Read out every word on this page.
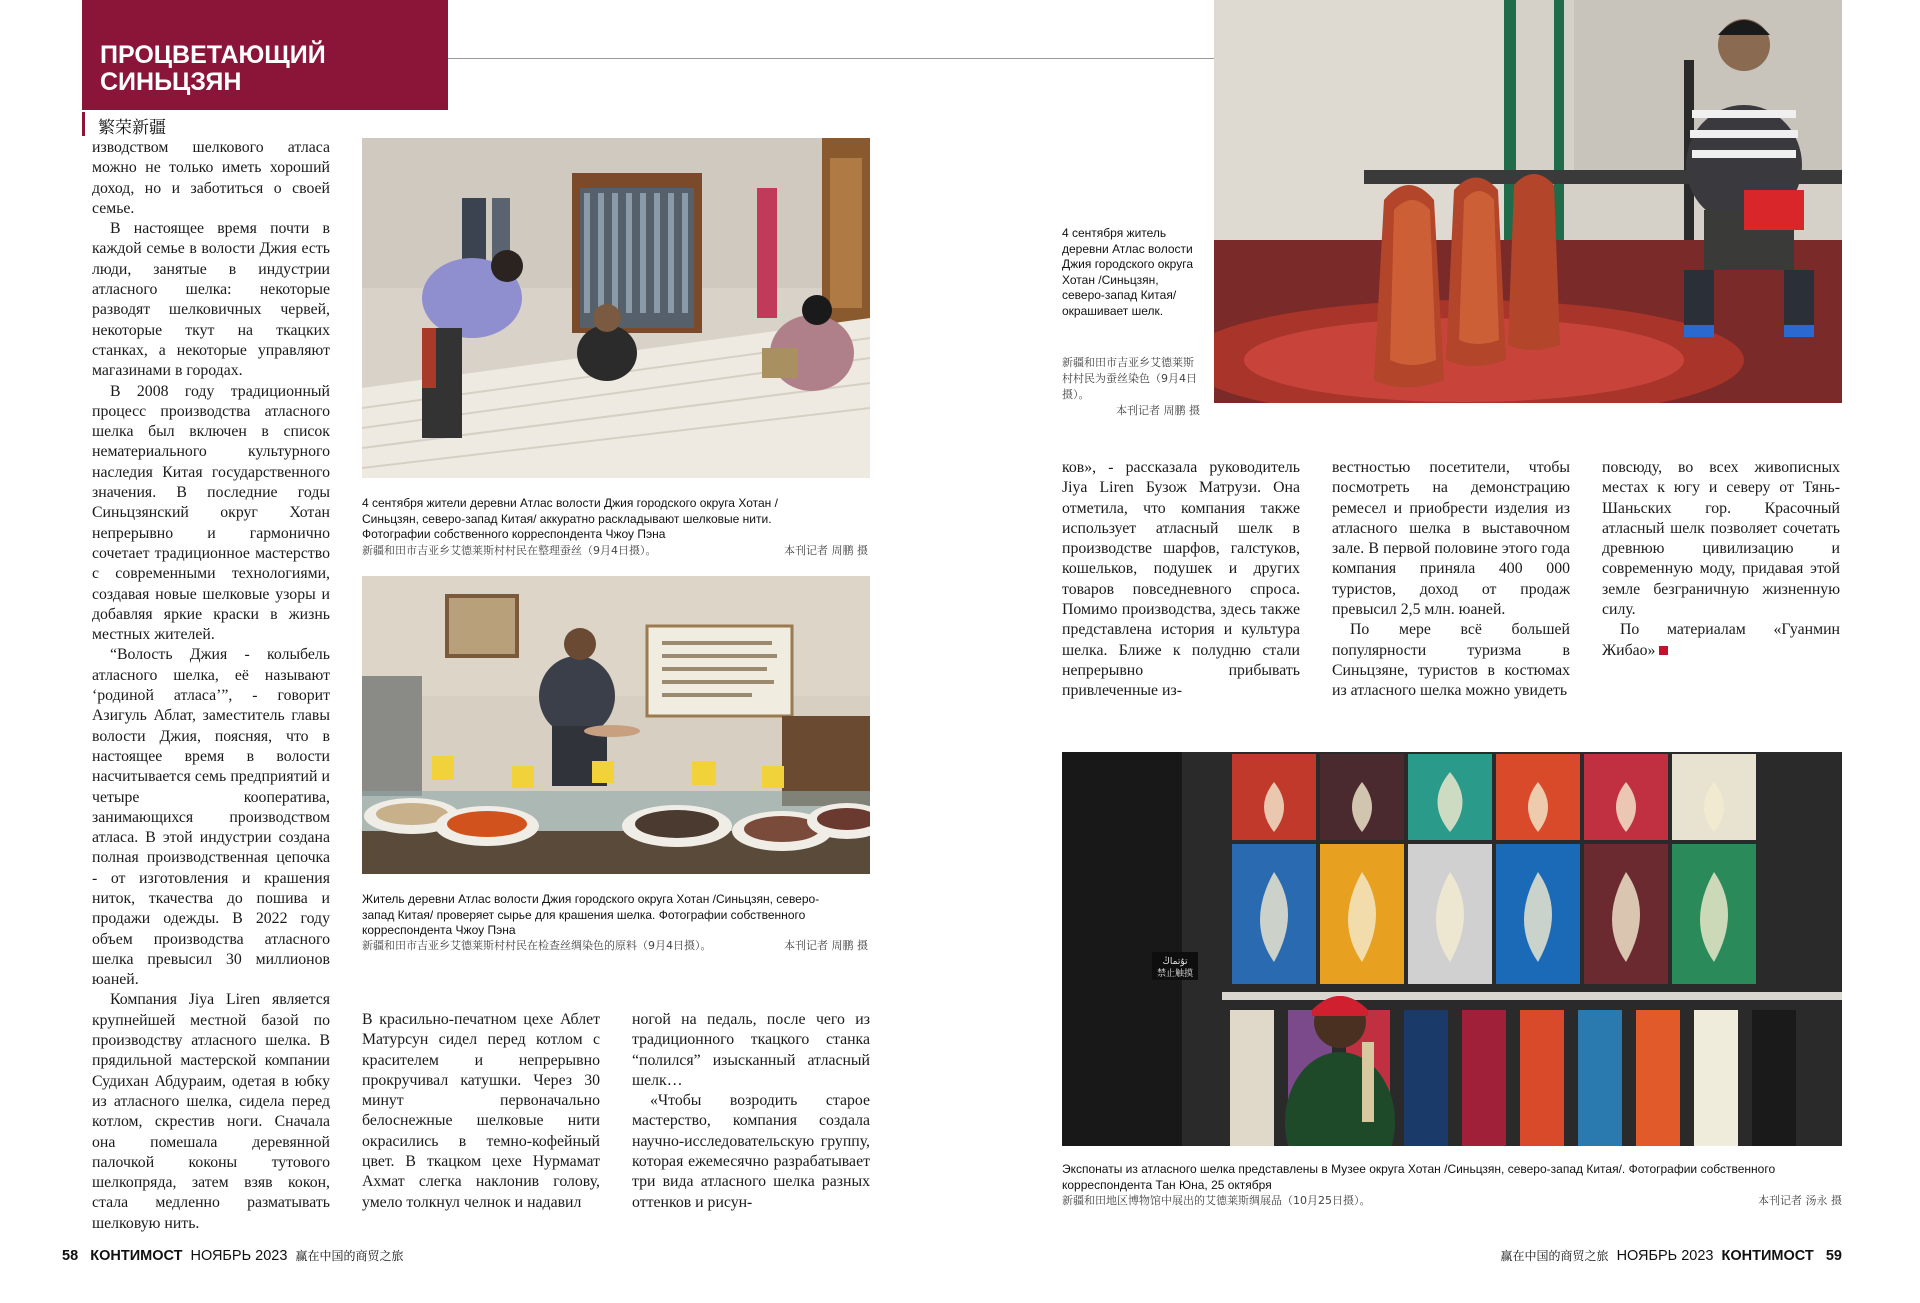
ПРОЦВЕТАЮЩИЙ
СИНЬЦЗЯН
繁荣新疆

изводством шелкового атласа можно не только иметь хороший доход, но и заботиться о своей семье.

В настоящее время почти в каждой семье в волости Джия есть люди, занятые в индустрии атласного шелка: некоторые разводят шелковичных червей, некоторые ткут на ткацких станках, а некоторые управляют магазинами в городах.

В 2008 году традиционный процесс производства атласного шелка был включен в список нематериального культурного наследия Китая государственного значения. В последние годы Синьцзянский округ Хотан непрерывно и гармонично сочетает традиционное мастерство с современными технологиями, создавая новые шелковые узоры и добавляя яркие краски в жизнь местных жителей.

“Волость Джия - колыбель атласного шелка, её называют ‘родиной атласа’”, - говорит Азигуль Аблат, заместитель главы волости Джия, поясняя, что в настоящее время в волости насчитывается семь предприятий и четыре кооператива, занимающихся производством атласа. В этой индустрии создана полная производственная цепочка - от изготовления и крашения ниток, ткачества до пошива и продажи одежды. В 2022 году объем производства атласного шелка превысил 30 миллионов юаней.

Компания Jiya Liren является крупнейшей местной базой по производству атласного шелка. В прядильной мастерской компании Судихан Абдураим, одетая в юбку из атласного шелка, сидела перед котлом, скрестив ноги. Сначала она помешала деревянной палочкой коконы тутового шелкопряда, затем взяв кокон, стала медленно разматывать шелковую нить.

4 сентября жители деревни Атлас волости Джия городского округа Хотан /Синьцзян, северо-запад Китая/ аккуратно раскладывают шелковые нити. Фотографии собственного корреспондента Чжоу Пэна
新疆和田市吉亚乡艾德莱斯村村民在整理蚕丝（9月4日摄）。	本刊记者 周鹏 摄
Житель деревни Атлас волости Джия городского округа Хотан /Синьцзян, северо-запад Китая/ проверяет сырье для крашения шелка. Фотографии собственного корреспондента Чжоу Пэна
新疆和田市吉亚乡艾德莱斯村村民在检查丝绸染色的原料（9月4日摄）。	本刊记者 周鹏 摄

В красильно-печатном цехе Аблет Матурсун сидел перед котлом с красителем и непрерывно прокручивал катушки. Через 30 минут первоначально белоснежные шелковые нити окрасились в темно-кофейный цвет. В ткацком цехе Нурмамат Ахмат слегка наклонив голову, умело толкнул челнок и надавил

ногой на педаль, после чего из традиционного ткацкого станка “полился” изысканный атласный шелк…

«Чтобы возродить старое мастерство, компания создала научно-исследовательскую группу, которая ежемесячно разрабатывает три вида атласного шелка разных оттенков и рисун-

4 сентября житель деревни Атлас волости Джия городского округа Хотан /Синьцзян, северо-запад Китая/ окрашивает шелк.
新疆和田市吉亚乡艾德莱斯村村民为蚕丝染色（9月4日摄）。

本刊记者 周鹏 摄

ков», - рассказала руководитель Jiya Liren Бузож Матрузи. Она отметила, что компания также использует атласный шелк в производстве шарфов, галстуков, кошельков, подушек и других товаров повседневного спроса. Помимо производства, здесь также представлена история и культура шелка. Ближе к полудню стали непрерывно прибывать привлеченные из-

вестностью посетители, чтобы посмотреть на демонстрацию ремесел и приобрести изделия из атласного шелка в выставочном зале. В первой половине этого года компания приняла 400 000 туристов, доход от продаж превысил 2,5 млн. юаней.

По мере всё большей популярности туризма в Синьцзяне, туристов в костюмах из атласного шелка можно увидеть

повсюду, во всех живописных местах к югу и северу от Тянь-Шаньских гор. Красочный атласный шелк позволяет сочетать древнюю цивилизацию и современную моду, придавая этой земле безграничную жизненную силу.

По материалам «Гуанмин Жибао»

تۇتماڭ
禁止触摸
Экспонаты из атласного шелка представлены в Музее округа Хотан /Синьцзян, северо-запад Китая/. Фотографии собственного корреспондента Тан Юна, 25 октября
新疆和田地区博物馆中展出的艾德莱斯绸展品（10月25日摄）。	本刊记者 汤永 摄
58 КОНТИМОСТ НОЯБРЬ 2023 赢在中国的商贸之旅	赢在中国的商贸之旅 НОЯБРЬ 2023 КОНТИМОСТ 59
